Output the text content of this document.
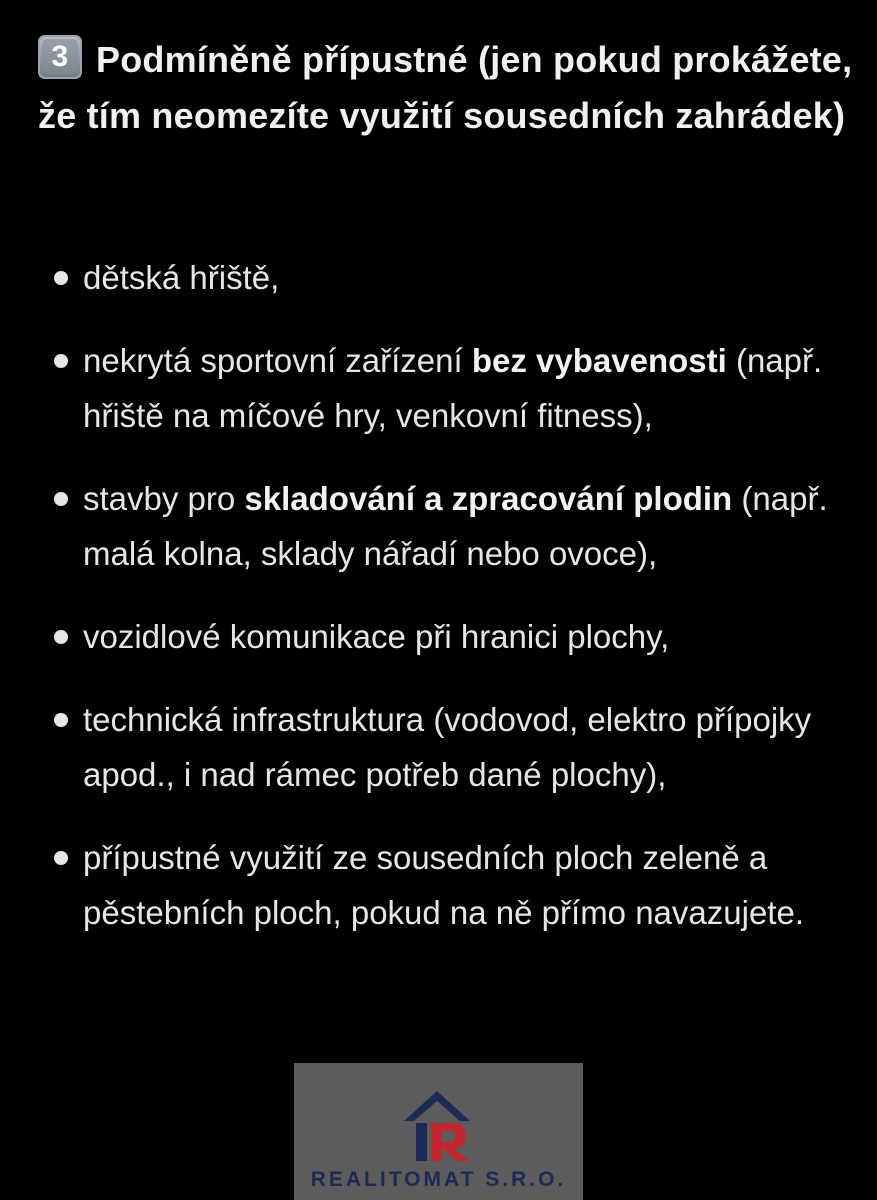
3 Podmíněně přípustné (jen pokud prokážete, že tím neomezíte využití sousedních zahrádek)
dětská hřiště,
nekrytá sportovní zařízení bez vybavenosti (např. hřiště na míčové hry, venkovní fitness),
stavby pro skladování a zpracování plodin (např. malá kolna, sklady nářadí nebo ovoce),
vozidlové komunikace při hranici plochy,
technická infrastruktura (vodovod, elektro přípojky apod., i nad rámec potřeb dané plochy),
přípustné využití ze sousedních ploch zeleně a pěstebních ploch, pokud na ně přímo navazujete.
REALITOMAT S.R.O.
